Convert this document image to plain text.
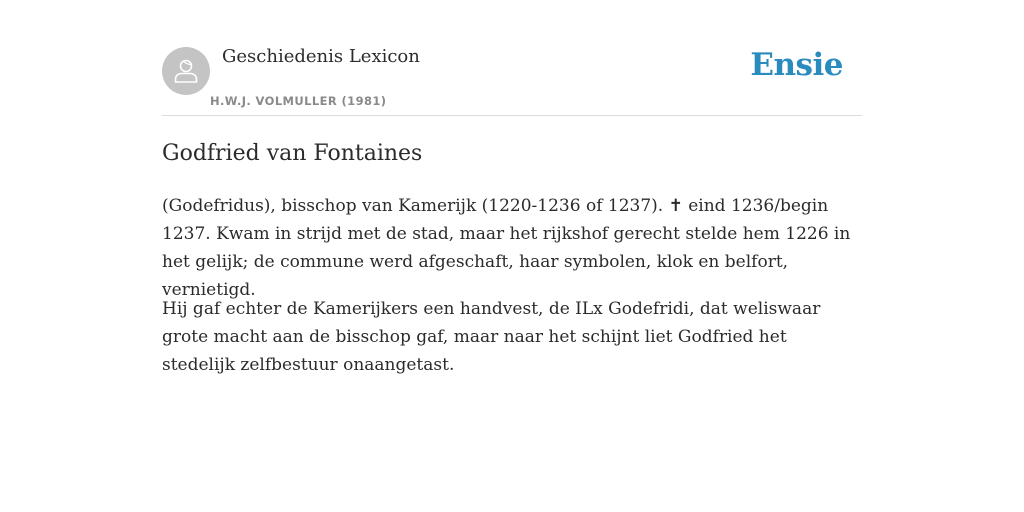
Geschiedenis Lexicon
H.W.J. VOLMULLER (1981)
Ensie
Godfried van Fontaines

(Godefridus), bisschop van Kamerijk (1220-1236 of 1237). ✝ eind 1236/begin 1237. Kwam in strijd met de stad, maar het rijkshof gerecht stelde hem 1226 in het gelijk; de commune werd afgeschaft, haar symbolen, klok en belfort, vernietigd.

Hij gaf echter de Kamerijkers een handvest, de ILx Godefridi, dat weliswaar grote macht aan de bisschop gaf, maar naar het schijnt liet Godfried het stedelijk zelfbestuur onaangetast.
